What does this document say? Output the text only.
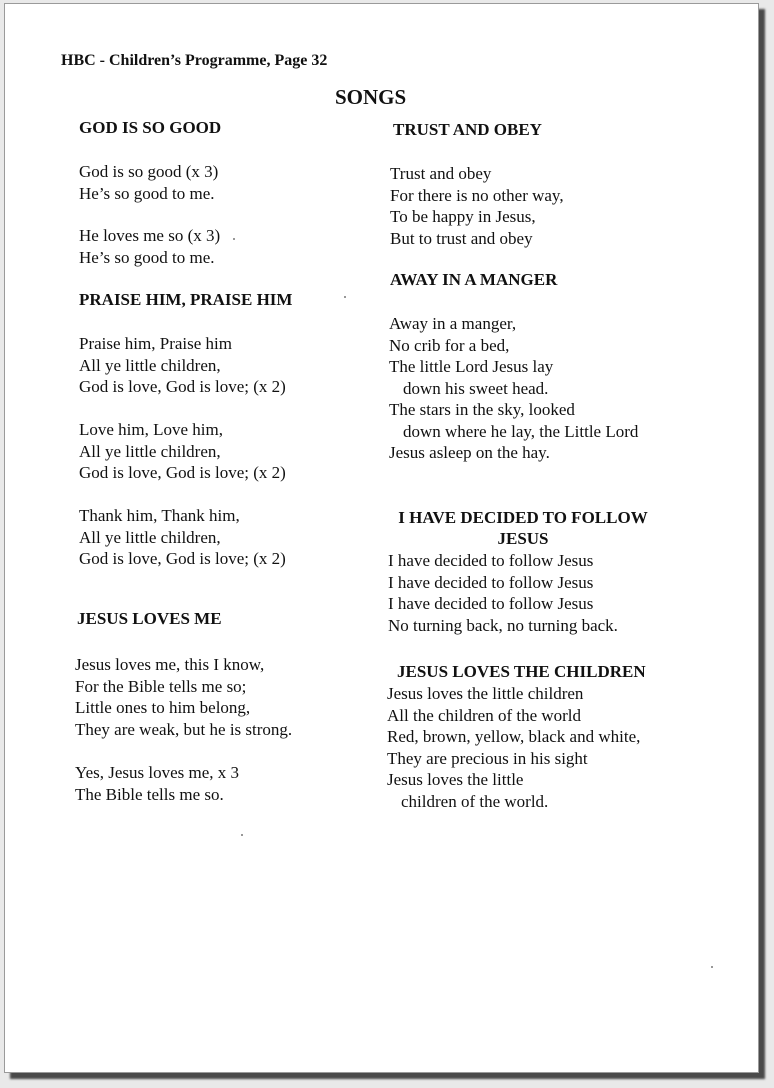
HBC - Children’s Programme, Page 32
SONGS
GOD IS SO GOOD
God is so good (x 3)
He’s so good to me.
He loves me so (x 3)
He’s so good to me.
PRAISE HIM, PRAISE HIM
Praise him, Praise him
All ye little children,
God is love, God is love; (x 2)
Love him, Love him,
All ye little children,
God is love, God is love; (x 2)
Thank him, Thank him,
All ye little children,
God is love, God is love; (x 2)
JESUS LOVES ME
Jesus loves me, this I know,
For the Bible tells me so;
Little ones to him belong,
They are weak, but he is strong.
Yes, Jesus loves me, x 3
The Bible tells me so.
TRUST AND OBEY
Trust and obey
For there is no other way,
To be happy in Jesus,
But to trust and obey
AWAY IN A MANGER
Away in a manger,
No crib for a bed,
The little Lord Jesus lay
down his sweet head.
The stars in the sky, looked
down where he lay, the Little Lord
Jesus asleep on the hay.
I HAVE DECIDED TO FOLLOW
JESUS
I have decided to follow Jesus
I have decided to follow Jesus
I have decided to follow Jesus
No turning back, no turning back.
JESUS LOVES THE CHILDREN
Jesus loves the little children
All the children of the world
Red, brown, yellow, black and white,
They are precious in his sight
Jesus loves the little
children of the world.
